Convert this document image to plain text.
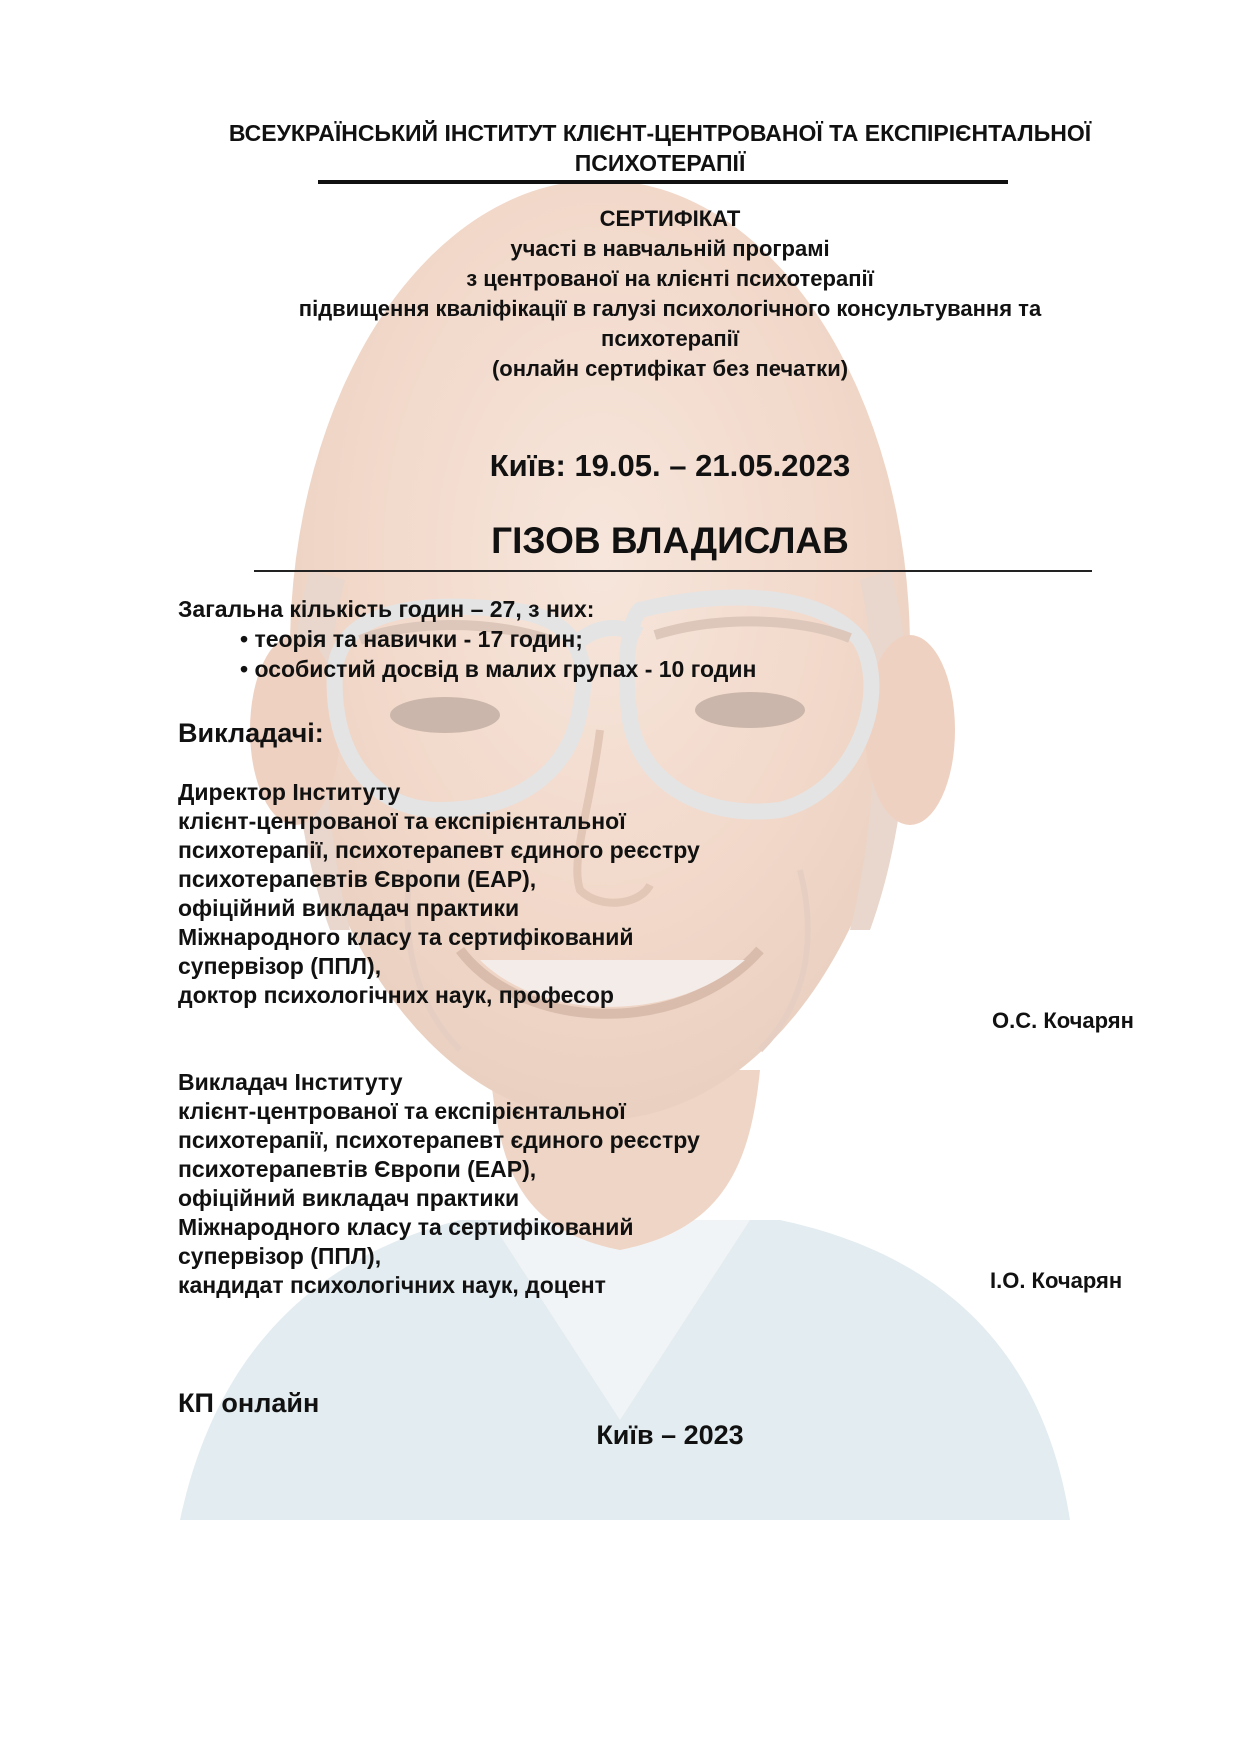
ВСЕУКРАЇНСЬКИЙ ІНСТИТУТ КЛІЄНТ-ЦЕНТРОВАНОЇ ТА ЕКСПІРІЄНТАЛЬНОЇ
ПСИХОТЕРАПІЇ
СЕРТИФІКАТ
участі в навчальній програмі
з центрованої на клієнті психотерапії
підвищення кваліфікації в галузі психологічного консультування та
психотерапії
(онлайн сертифікат без печатки)
Київ: 19.05. – 21.05.2023
ГІЗОВ ВЛАДИСЛАВ
Загальна кількість годин – 27, з них:
• теорія та навички - 17 годин;
• особистий досвід в малих групах - 10 годин
Викладачі:
Директор Інституту
клієнт-центрованої та експірієнтальної
психотерапії, психотерапевт єдиного реєстру
психотерапевтів Європи (ЕАР),
офіційний викладач практики
Міжнародного класу та сертифікований
супервізор (ППЛ),
доктор психологічних наук, професор
О.С. Кочарян
Викладач Інституту
клієнт-центрованої та експірієнтальної
психотерапії, психотерапевт єдиного реєстру
психотерапевтів Європи (ЕАР),
офіційний викладач практики
Міжнародного класу та сертифікований
супервізор (ППЛ),
кандидат психологічних наук, доцент	І.О. Кочарян
КП онлайн
Київ – 2023
